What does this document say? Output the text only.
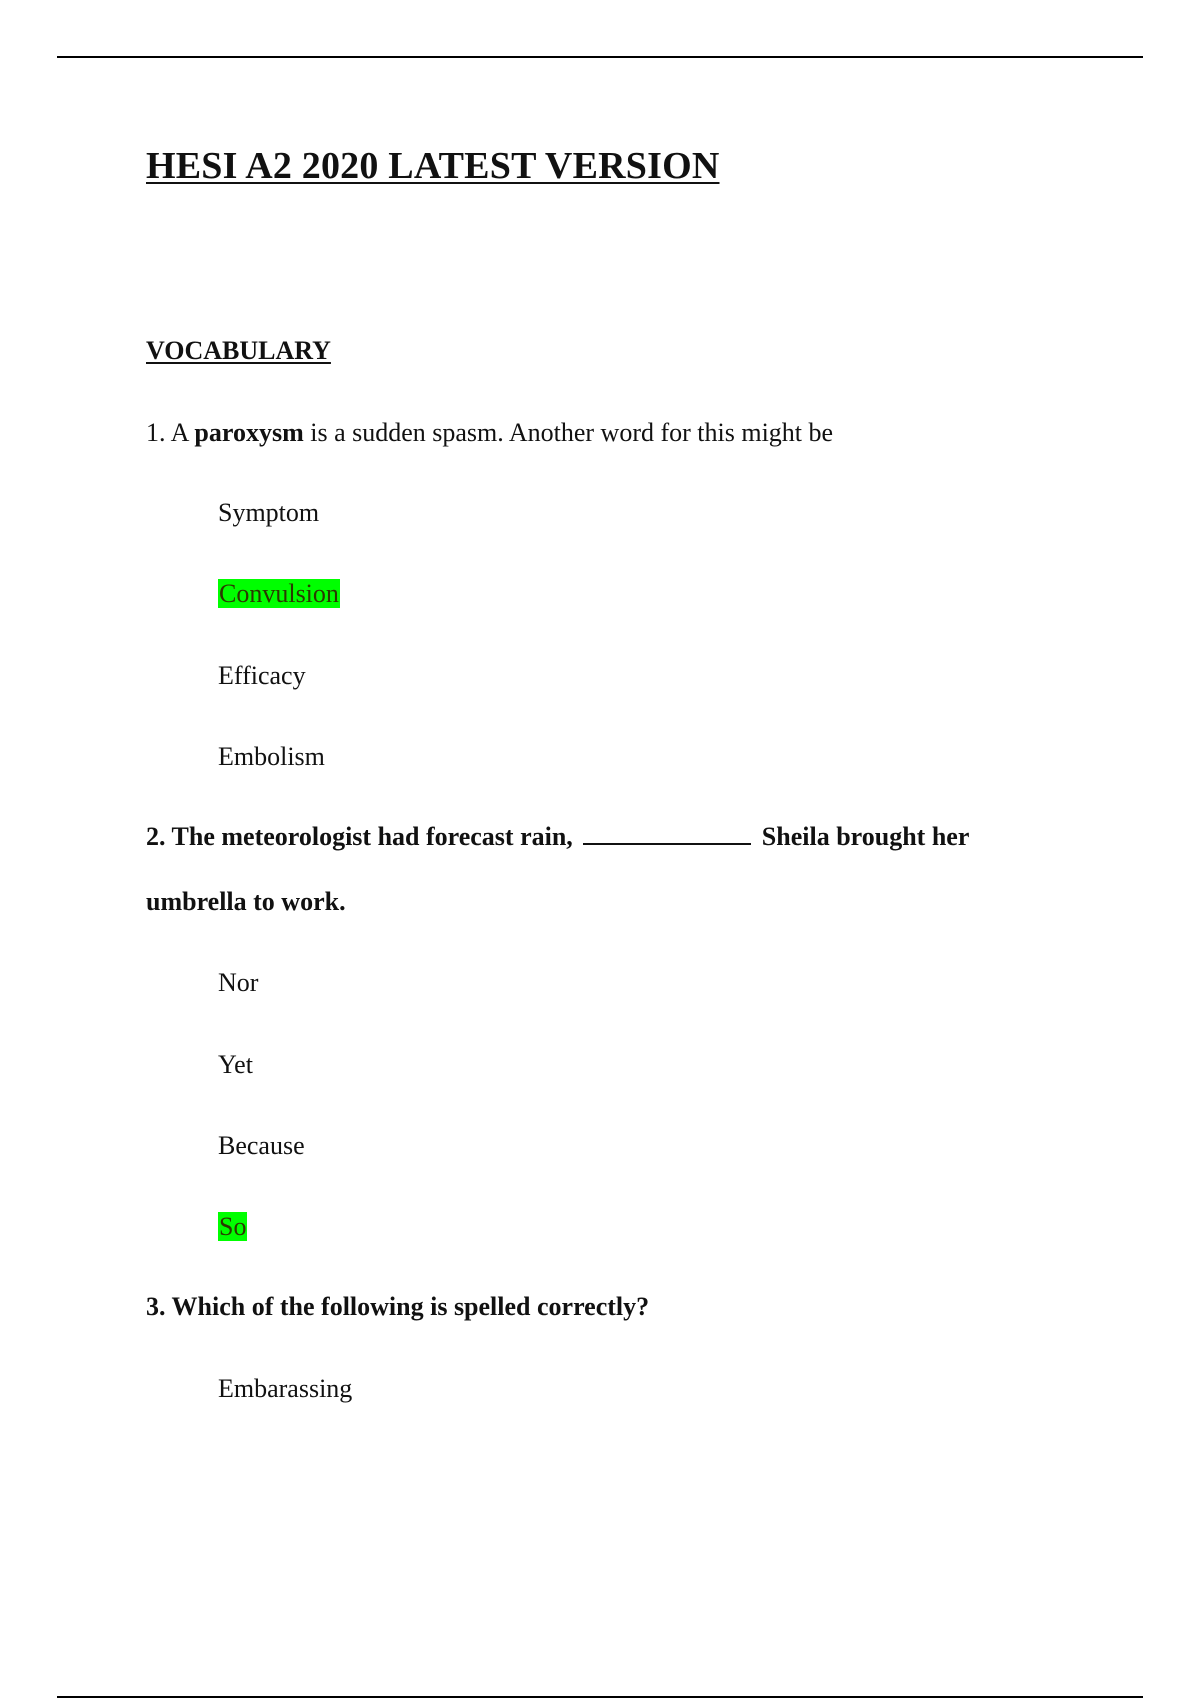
HESI A2 2020 LATEST VERSION
VOCABULARY

1. A paroxysm is a sudden spasm. Another word for this might be

Symptom

Convulsion

Efficacy

Embolism

2. The meteorologist had forecast rain,	Sheila brought her

umbrella to work.

Nor

Yet

Because

So

3. Which of the following is spelled correctly?

Embarassing
